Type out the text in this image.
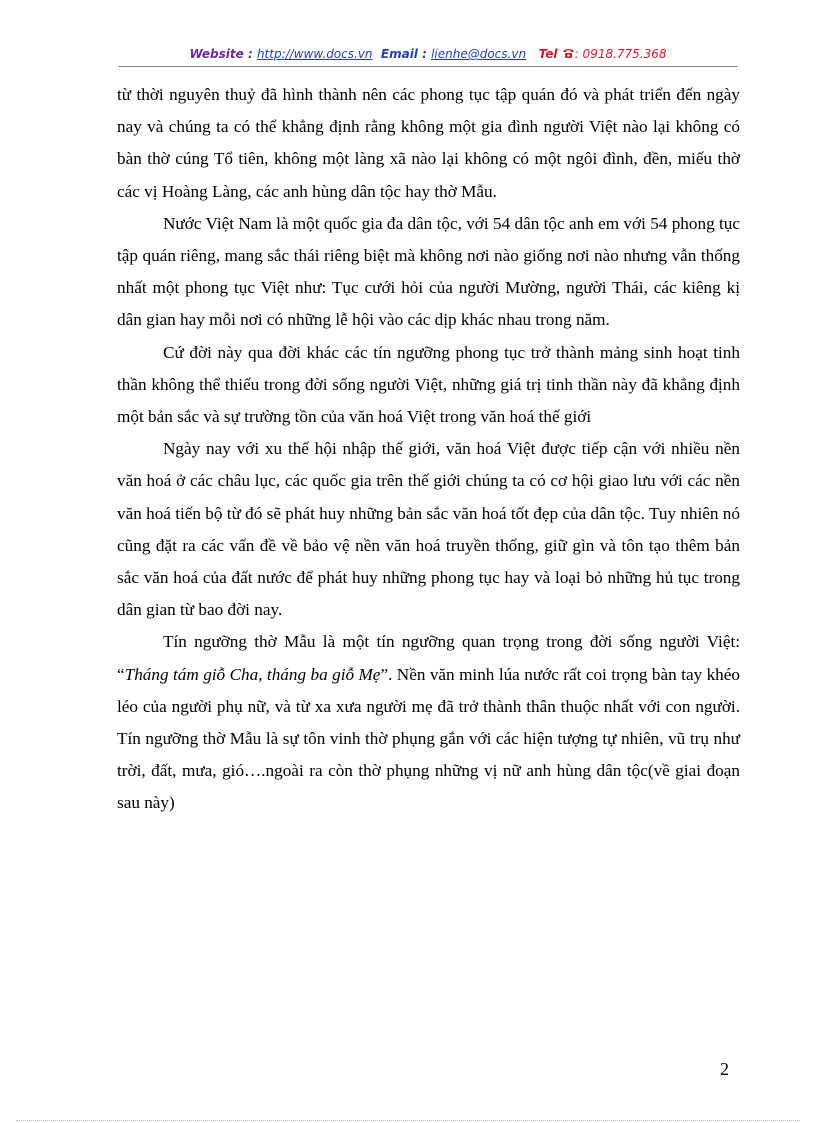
Website : http://www.docs.vn Email : lienhe@docs.vn Tel : 0918.775.368

từ thời nguyên thuỷ đã hình thành nên các phong tục tập quán đó và phát triển đến ngày nay và chúng ta có thể khẳng định rằng không một gia đình người Việt nào lại không có bàn thờ cúng Tổ tiên, không một làng xã nào lại không có một ngôi đình, đền, miếu thờ các vị Hoàng Làng, các anh hùng dân tộc hay thờ Mẫu.

Nước Việt Nam là một quốc gia đa dân tộc, với 54 dân tộc anh em với 54 phong tục tập quán riêng, mang sắc thái riêng biệt mà không nơi nào giống nơi nào nhưng vẫn thống nhất một phong tục Việt như: Tục cưới hỏi của người Mường, người Thái, các kiêng kị dân gian hay mỗi nơi có những lễ hội vào các dịp khác nhau trong năm.

Cứ đời này qua đời khác các tín ngưỡng phong tục trở thành mảng sinh hoạt tinh thần không thể thiếu trong đời sống người Việt, những giá trị tinh thần này đã khẳng định một bản sắc và sự trường tồn của văn hoá Việt trong văn hoá thế giới

Ngày nay với xu thế hội nhập thế giới, văn hoá Việt được tiếp cận với nhiều nền văn hoá ở các châu lục, các quốc gia trên thế giới chúng ta có cơ hội giao lưu với các nền văn hoá tiến bộ từ đó sẽ phát huy những bản sắc văn hoá tốt đẹp của dân tộc. Tuy nhiên nó cũng đặt ra các vấn đề về bảo vệ nền văn hoá truyền thống, giữ gìn và tôn tạo thêm bản sắc văn hoá của đất nước để phát huy những phong tục hay và loại bỏ những hủ tục trong dân gian từ bao đời nay.

Tín ngưỡng thờ Mẫu là một tín ngưỡng quan trọng trong đời sống người Việt: “Tháng tám giỗ Cha, tháng ba giỗ Mẹ”. Nền văn minh lúa nước rất coi trọng bàn tay khéo léo của người phụ nữ, và từ xa xưa người mẹ đã trở thành thân thuộc nhất với con người. Tín ngưỡng thờ Mẫu là sự tôn vinh thờ phụng gắn với các hiện tượng tự nhiên, vũ trụ như trời, đất, mưa, gió….ngoài ra còn thờ phụng những vị nữ anh hùng dân tộc(về giai đoạn sau này)

2
